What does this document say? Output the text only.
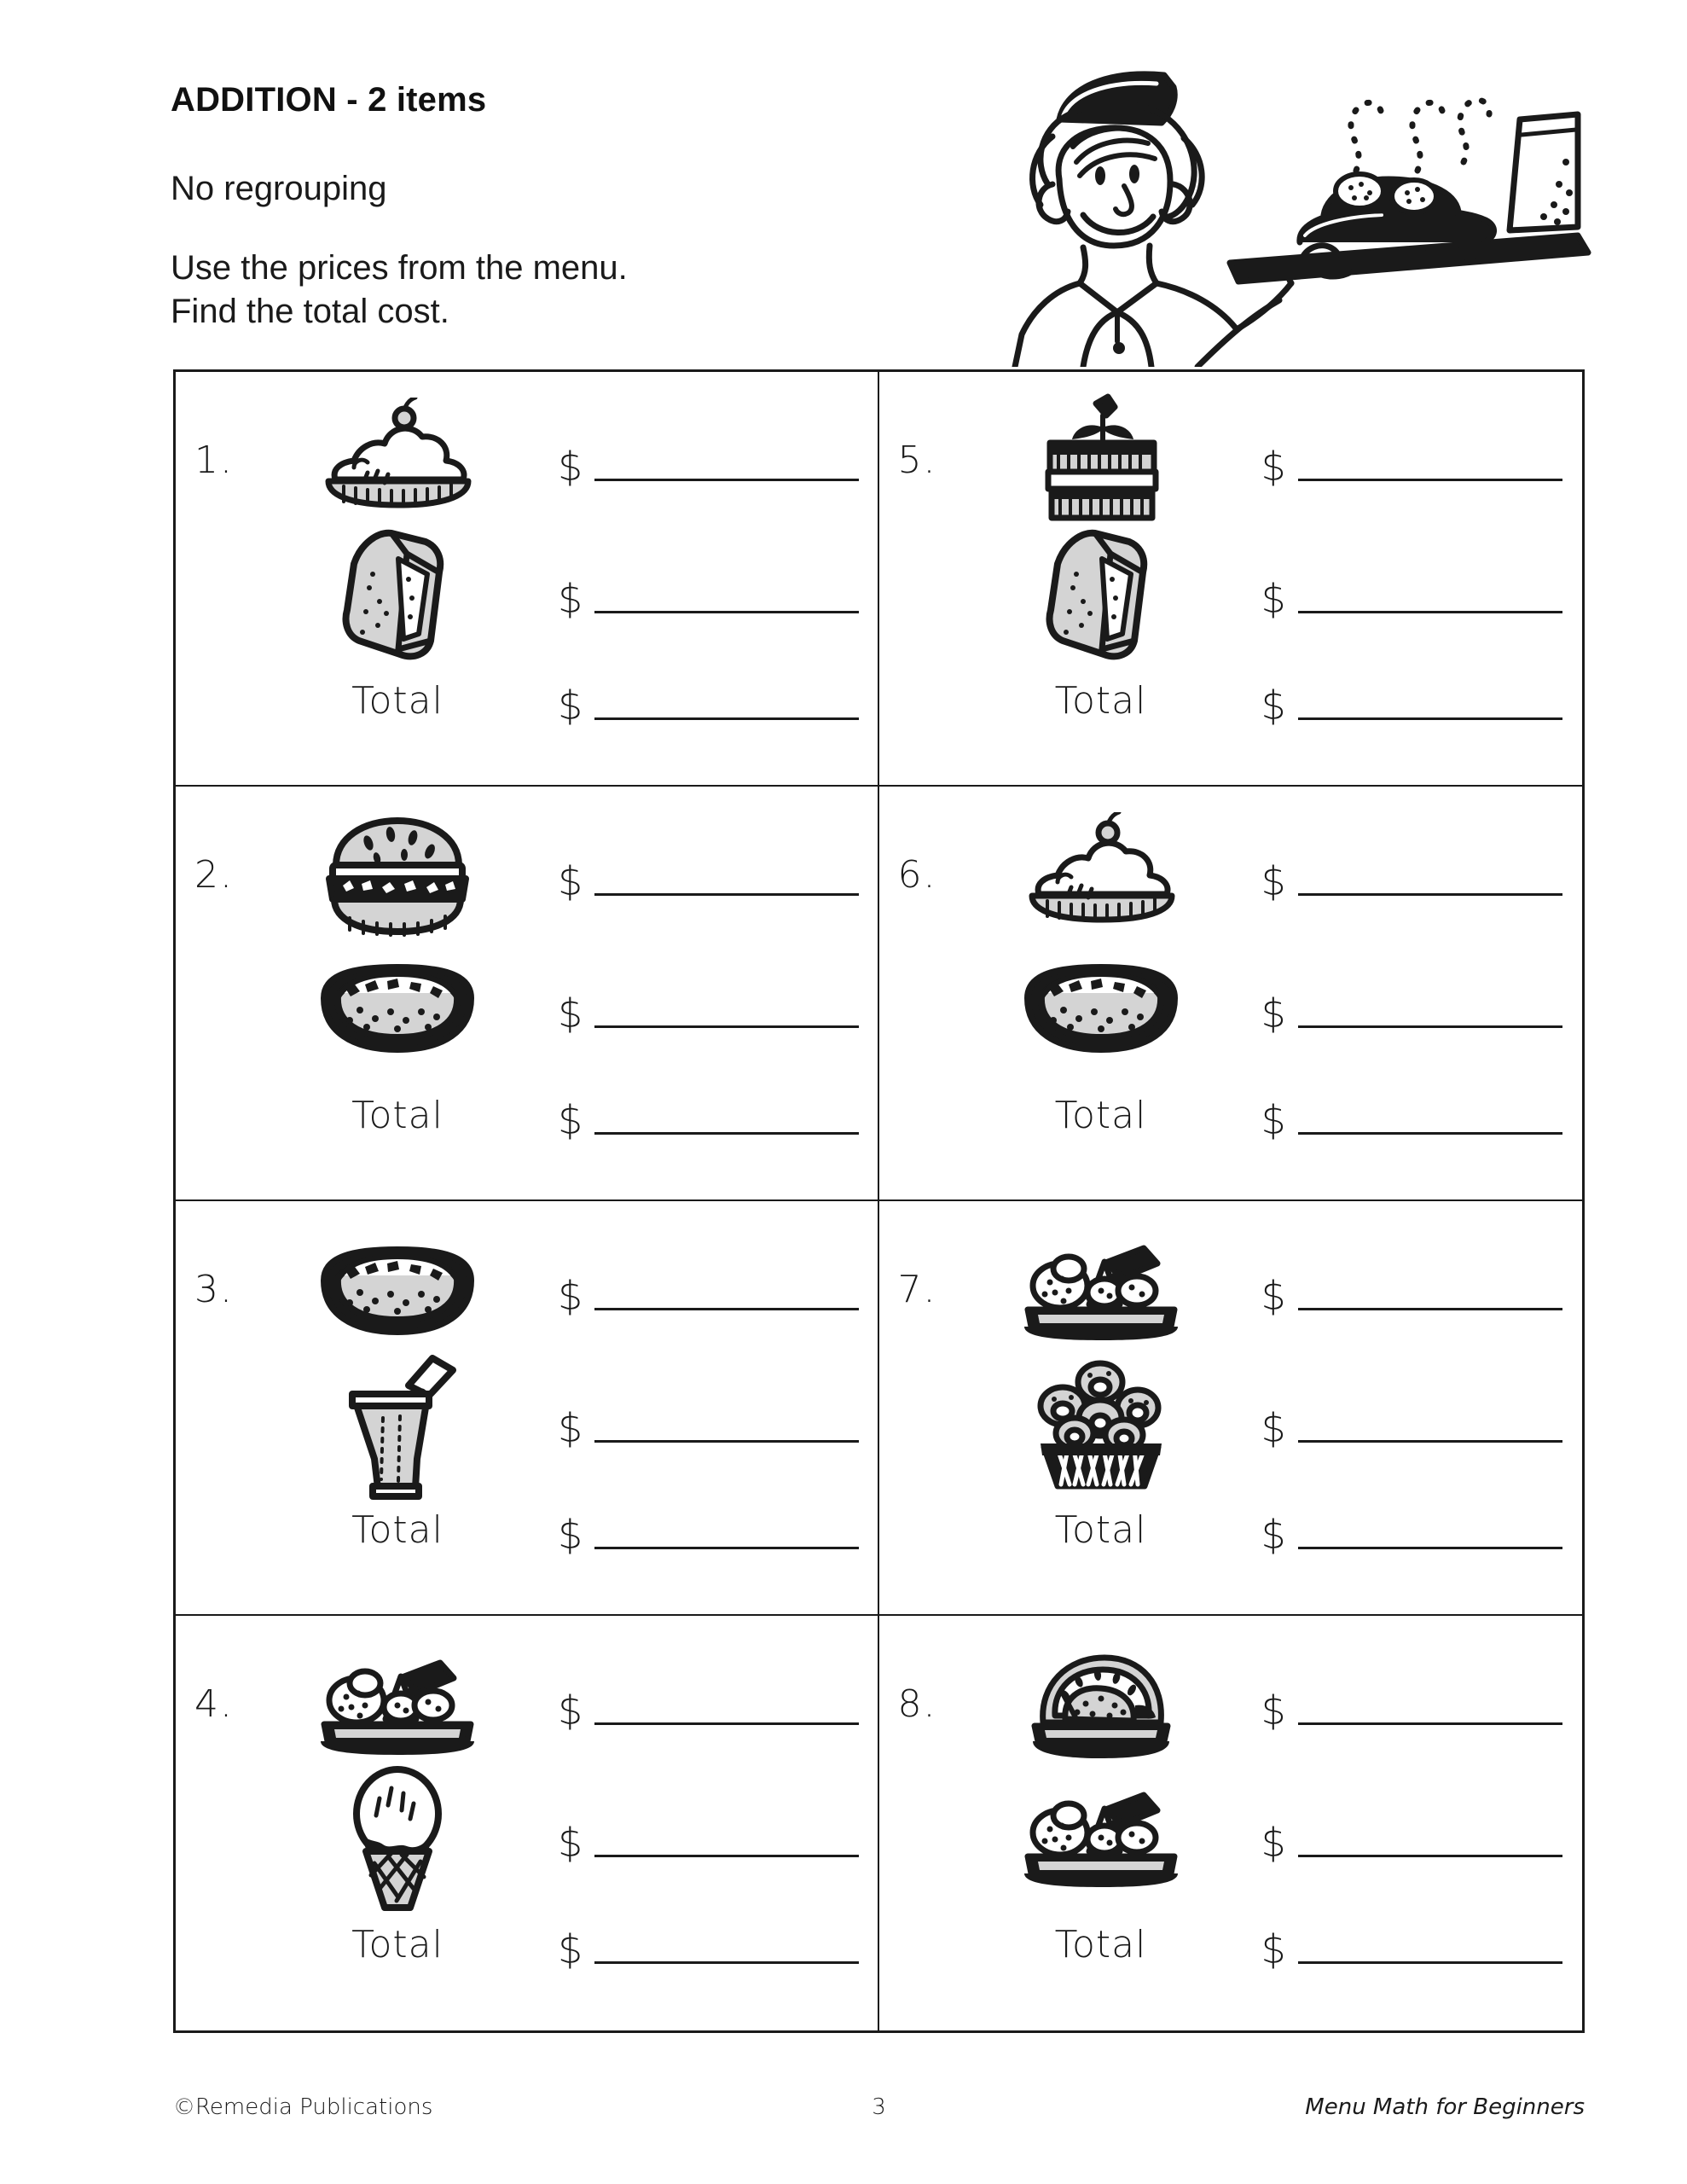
ADDITION - 2 items

No regrouping

Use the prices from the menu.

Find the total cost.

1.	$
$
Total	$
5.	$
$
Total	$
2.	$
$
Total	$
6.	$
$
Total	$
3.	$
$
Total	$
7.	$
$
Total	$
4.	$
$
Total	$
8.	$
$
Total	$
©Remedia Publications	3	Menu Math for Beginners
